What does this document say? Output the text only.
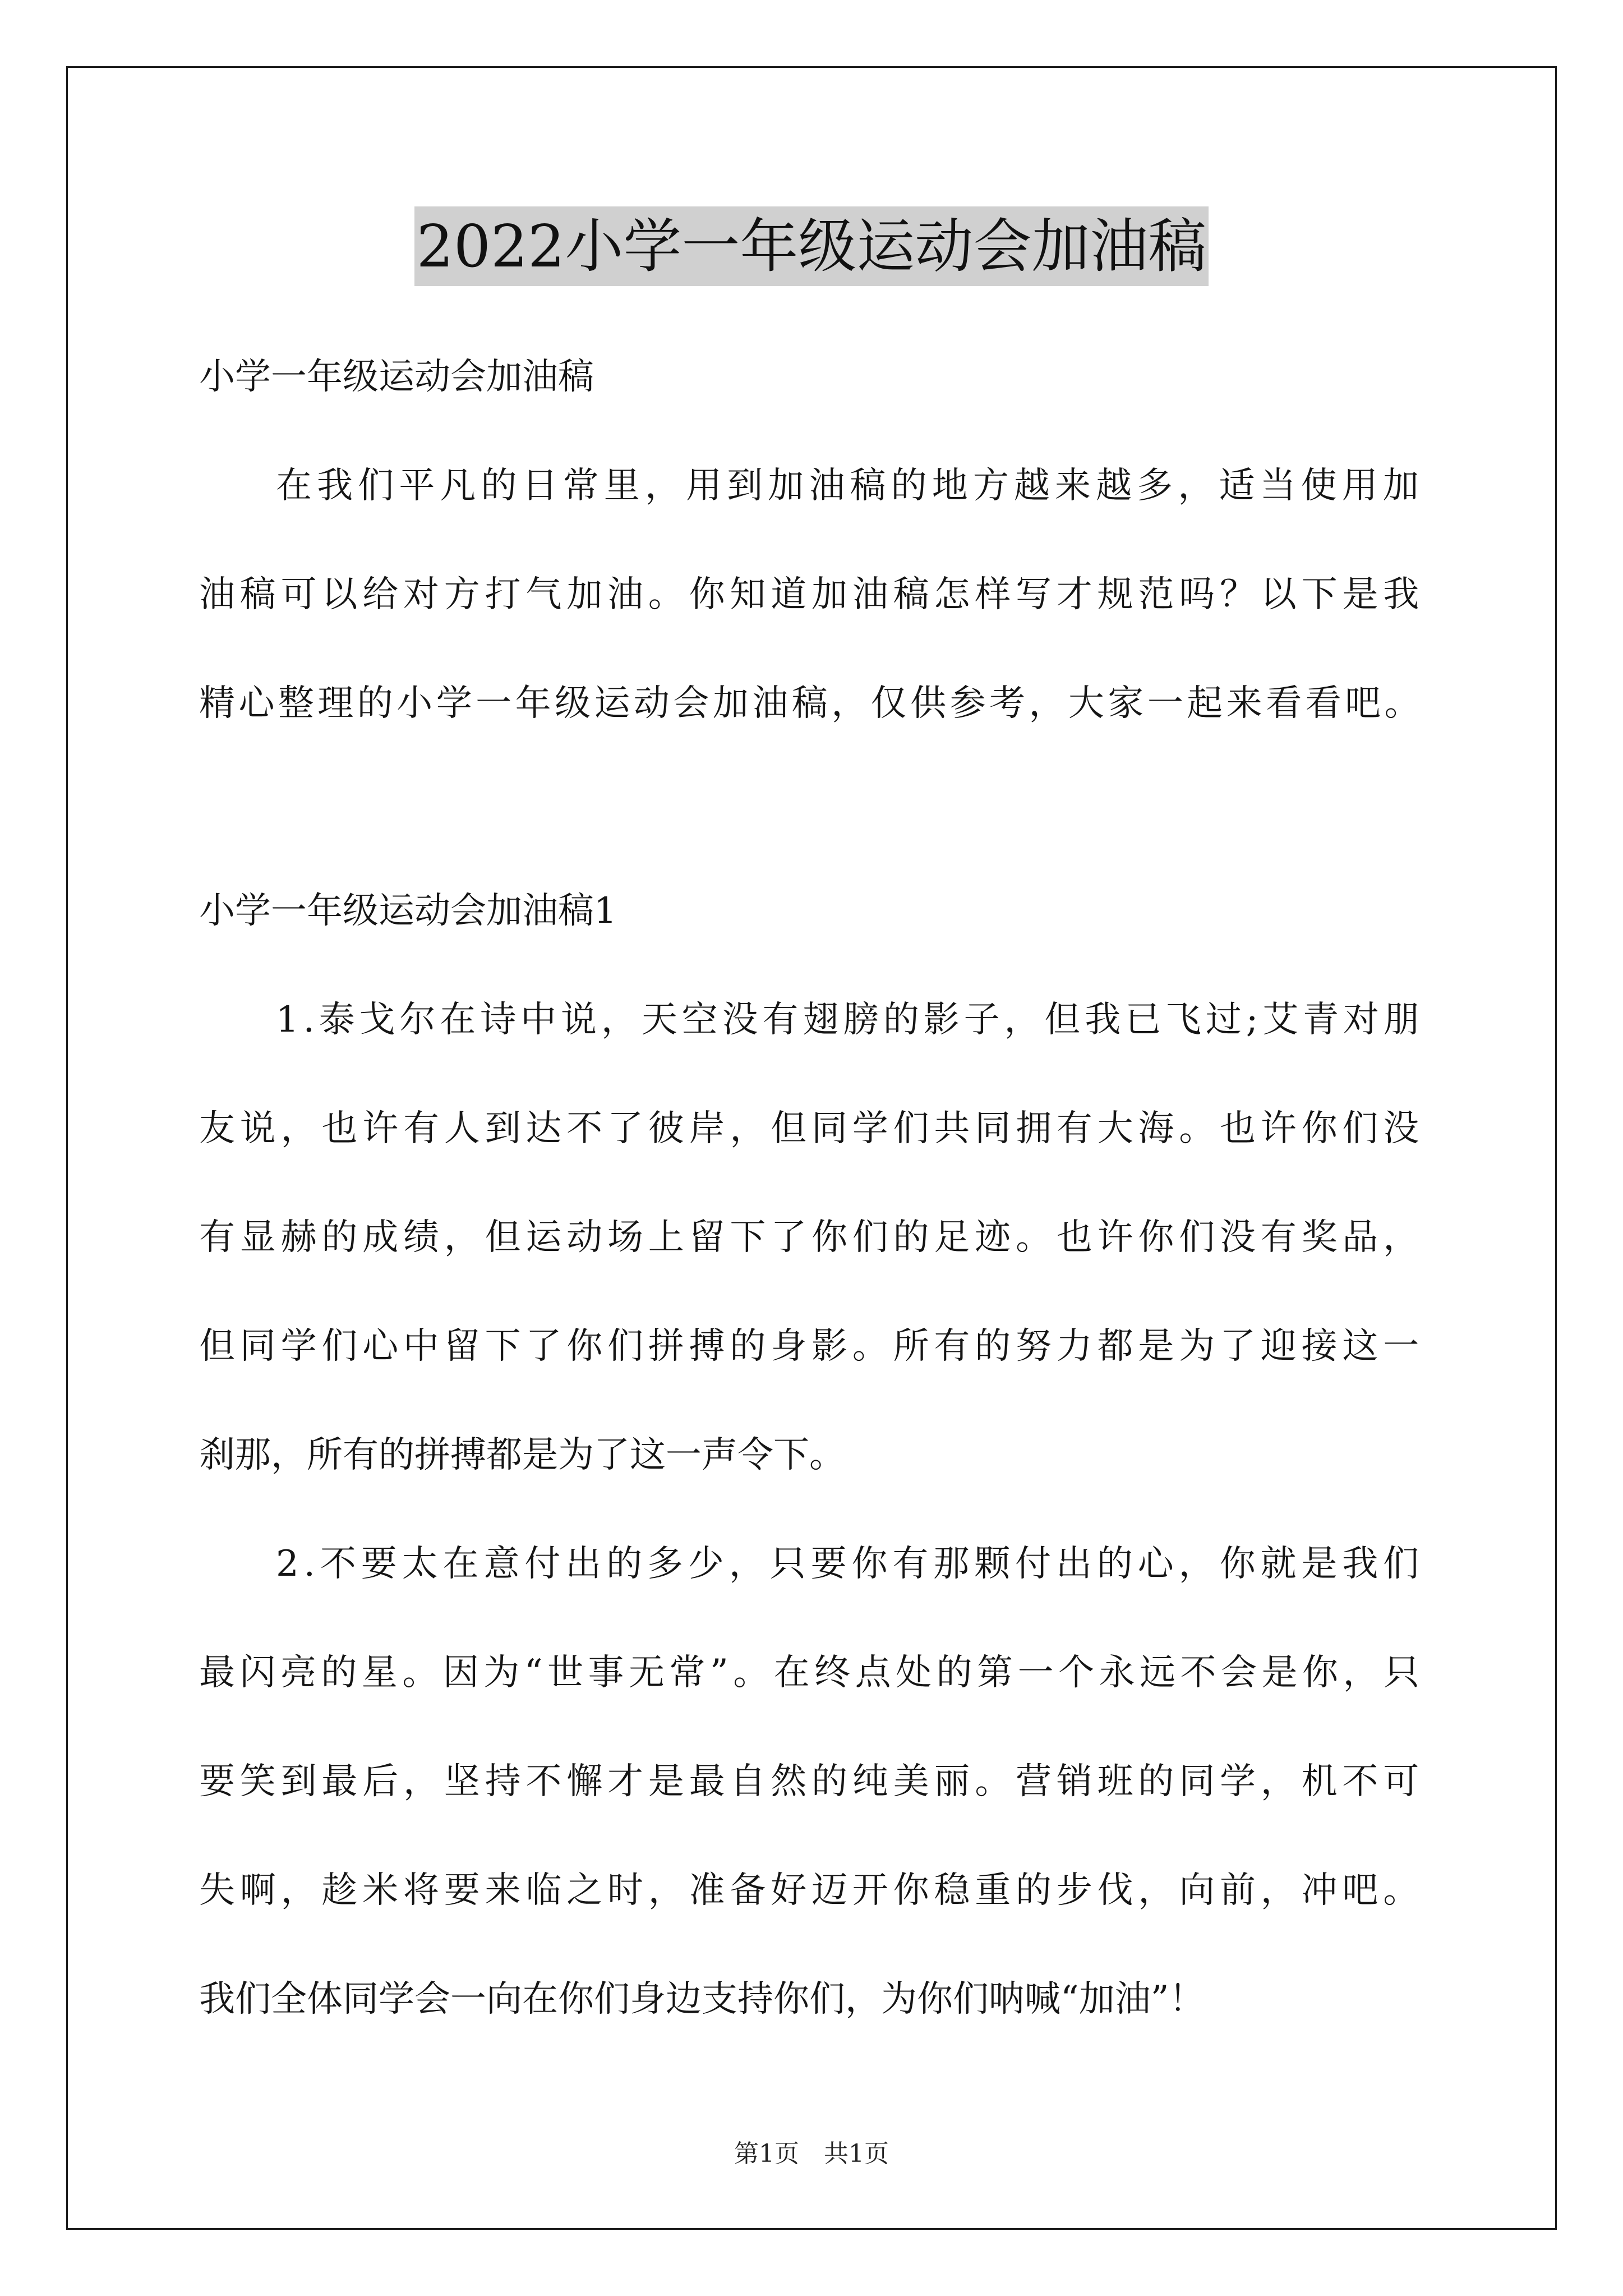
2022小学一年级运动会加油稿
小学一年级运动会加油稿
在我们平凡的日常里，用到加油稿的地方越来越多，适当使用加
油稿可以给对方打气加油。你知道加油稿怎样写才规范吗？以下是我
精心整理的小学一年级运动会加油稿，仅供参考，大家一起来看看吧。
小学一年级运动会加油稿1
1.泰戈尔在诗中说，天空没有翅膀的影子，但我已飞过;艾青对朋
友说，也许有人到达不了彼岸，但同学们共同拥有大海。也许你们没
有显赫的成绩，但运动场上留下了你们的足迹。也许你们没有奖品，
但同学们心中留下了你们拼搏的身影。所有的努力都是为了迎接这一
刹那，所有的拼搏都是为了这一声令下。
2.不要太在意付出的多少，只要你有那颗付出的心，你就是我们
最闪亮的星。因为“世事无常”。在终点处的第一个永远不会是你，只
要笑到最后，坚持不懈才是最自然的纯美丽。营销班的同学，机不可
失啊，趁米将要来临之时，准备好迈开你稳重的步伐，向前，冲吧。
我们全体同学会一向在你们身边支持你们，为你们呐喊“加油”！
第1页 共1页
